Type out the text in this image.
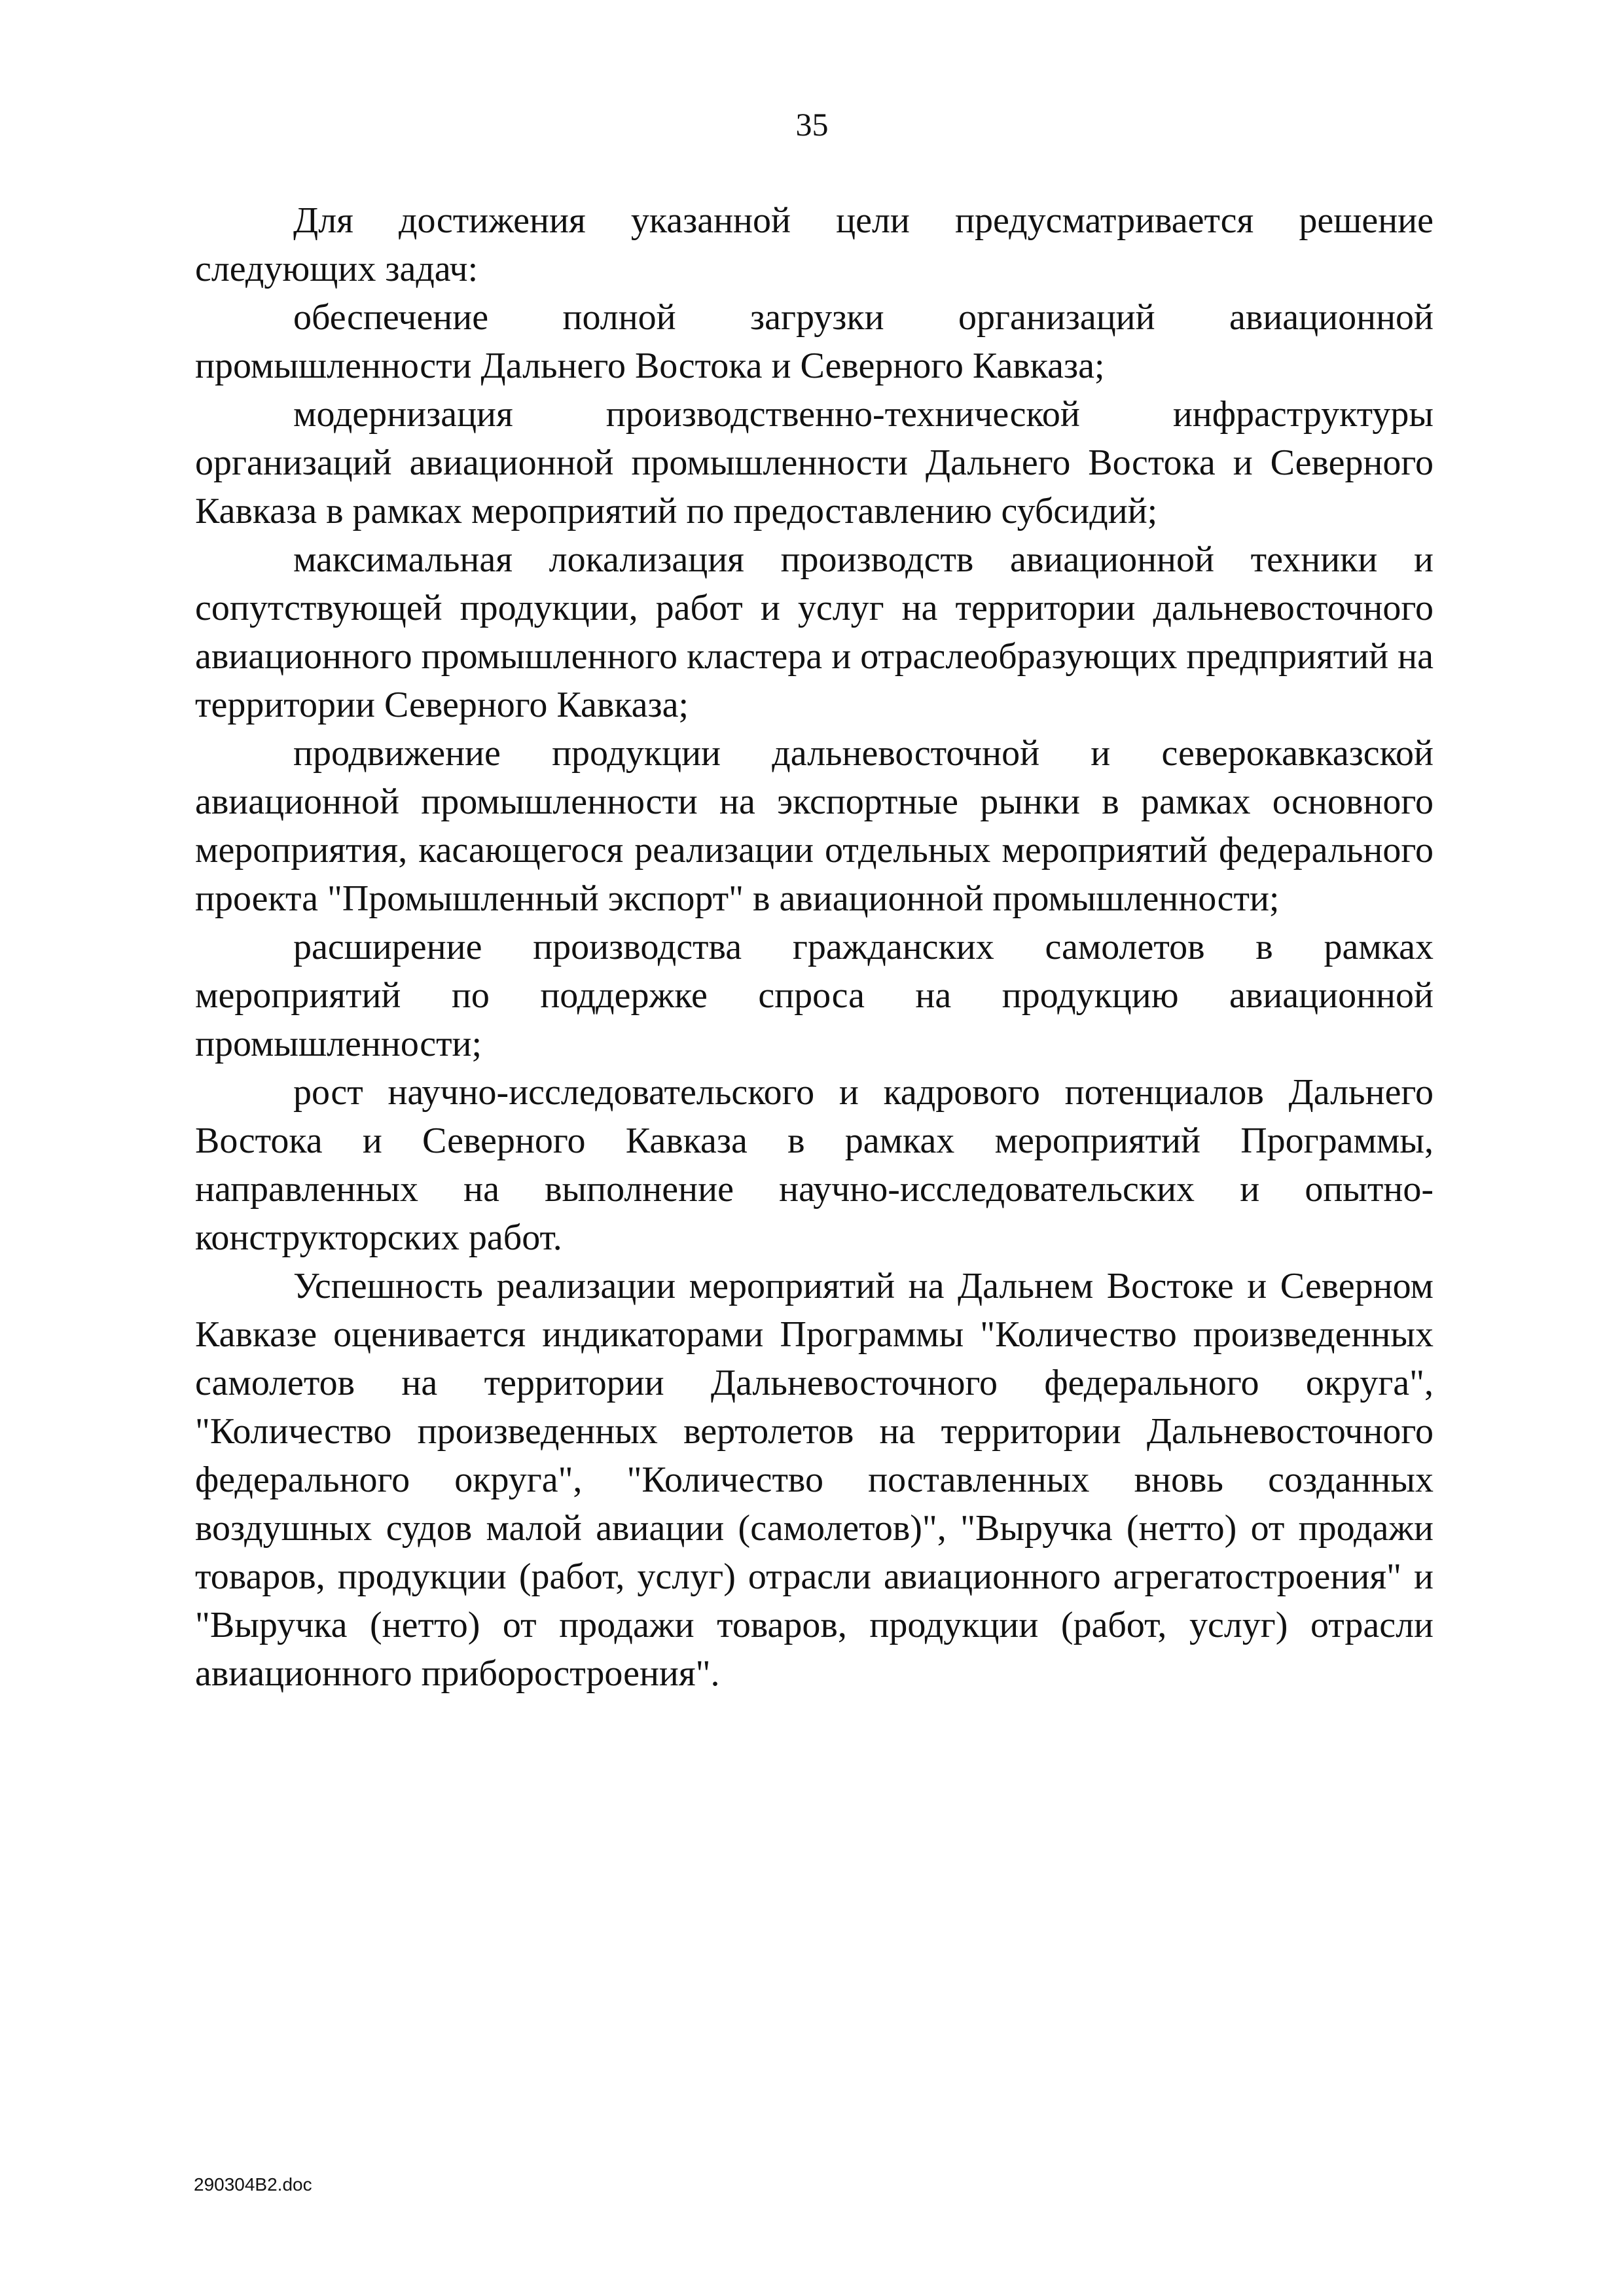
35

Для достижения указанной цели предусматривается решение следующих задач:

обеспечение полной загрузки организаций авиационной промышленности Дальнего Востока и Северного Кавказа;

модернизация производственно-технической инфраструктуры организаций авиационной промышленности Дальнего Востока и Северного Кавказа в рамках мероприятий по предоставлению субсидий;

максимальная локализация производств авиационной техники и сопутствующей продукции, работ и услуг на территории дальневосточного авиационного промышленного кластера и отраслеобразующих предприятий на территории Северного Кавказа;

продвижение продукции дальневосточной и северокавказской авиационной промышленности на экспортные рынки в рамках основного мероприятия, касающегося реализации отдельных мероприятий федерального проекта "Промышленный экспорт" в авиационной промышленности;

расширение производства гражданских самолетов в рамках мероприятий по поддержке спроса на продукцию авиационной промышленности;

рост научно-исследовательского и кадрового потенциалов Дальнего Востока и Северного Кавказа в рамках мероприятий Программы, направленных на выполнение научно-исследовательских и опытно-конструкторских работ.

Успешность реализации мероприятий на Дальнем Востоке и Северном Кавказе оценивается индикаторами Программы "Количество произведенных самолетов на территории Дальневосточного федерального округа", "Количество произведенных вертолетов на территории Дальневосточного федерального округа", "Количество поставленных вновь созданных воздушных судов малой авиации (самолетов)", "Выручка (нетто) от продажи товаров, продукции (работ, услуг) отрасли авиационного агрегатостроения" и "Выручка (нетто) от продажи товаров, продукции (работ, услуг) отрасли авиационного приборостроения".

290304B2.doc
